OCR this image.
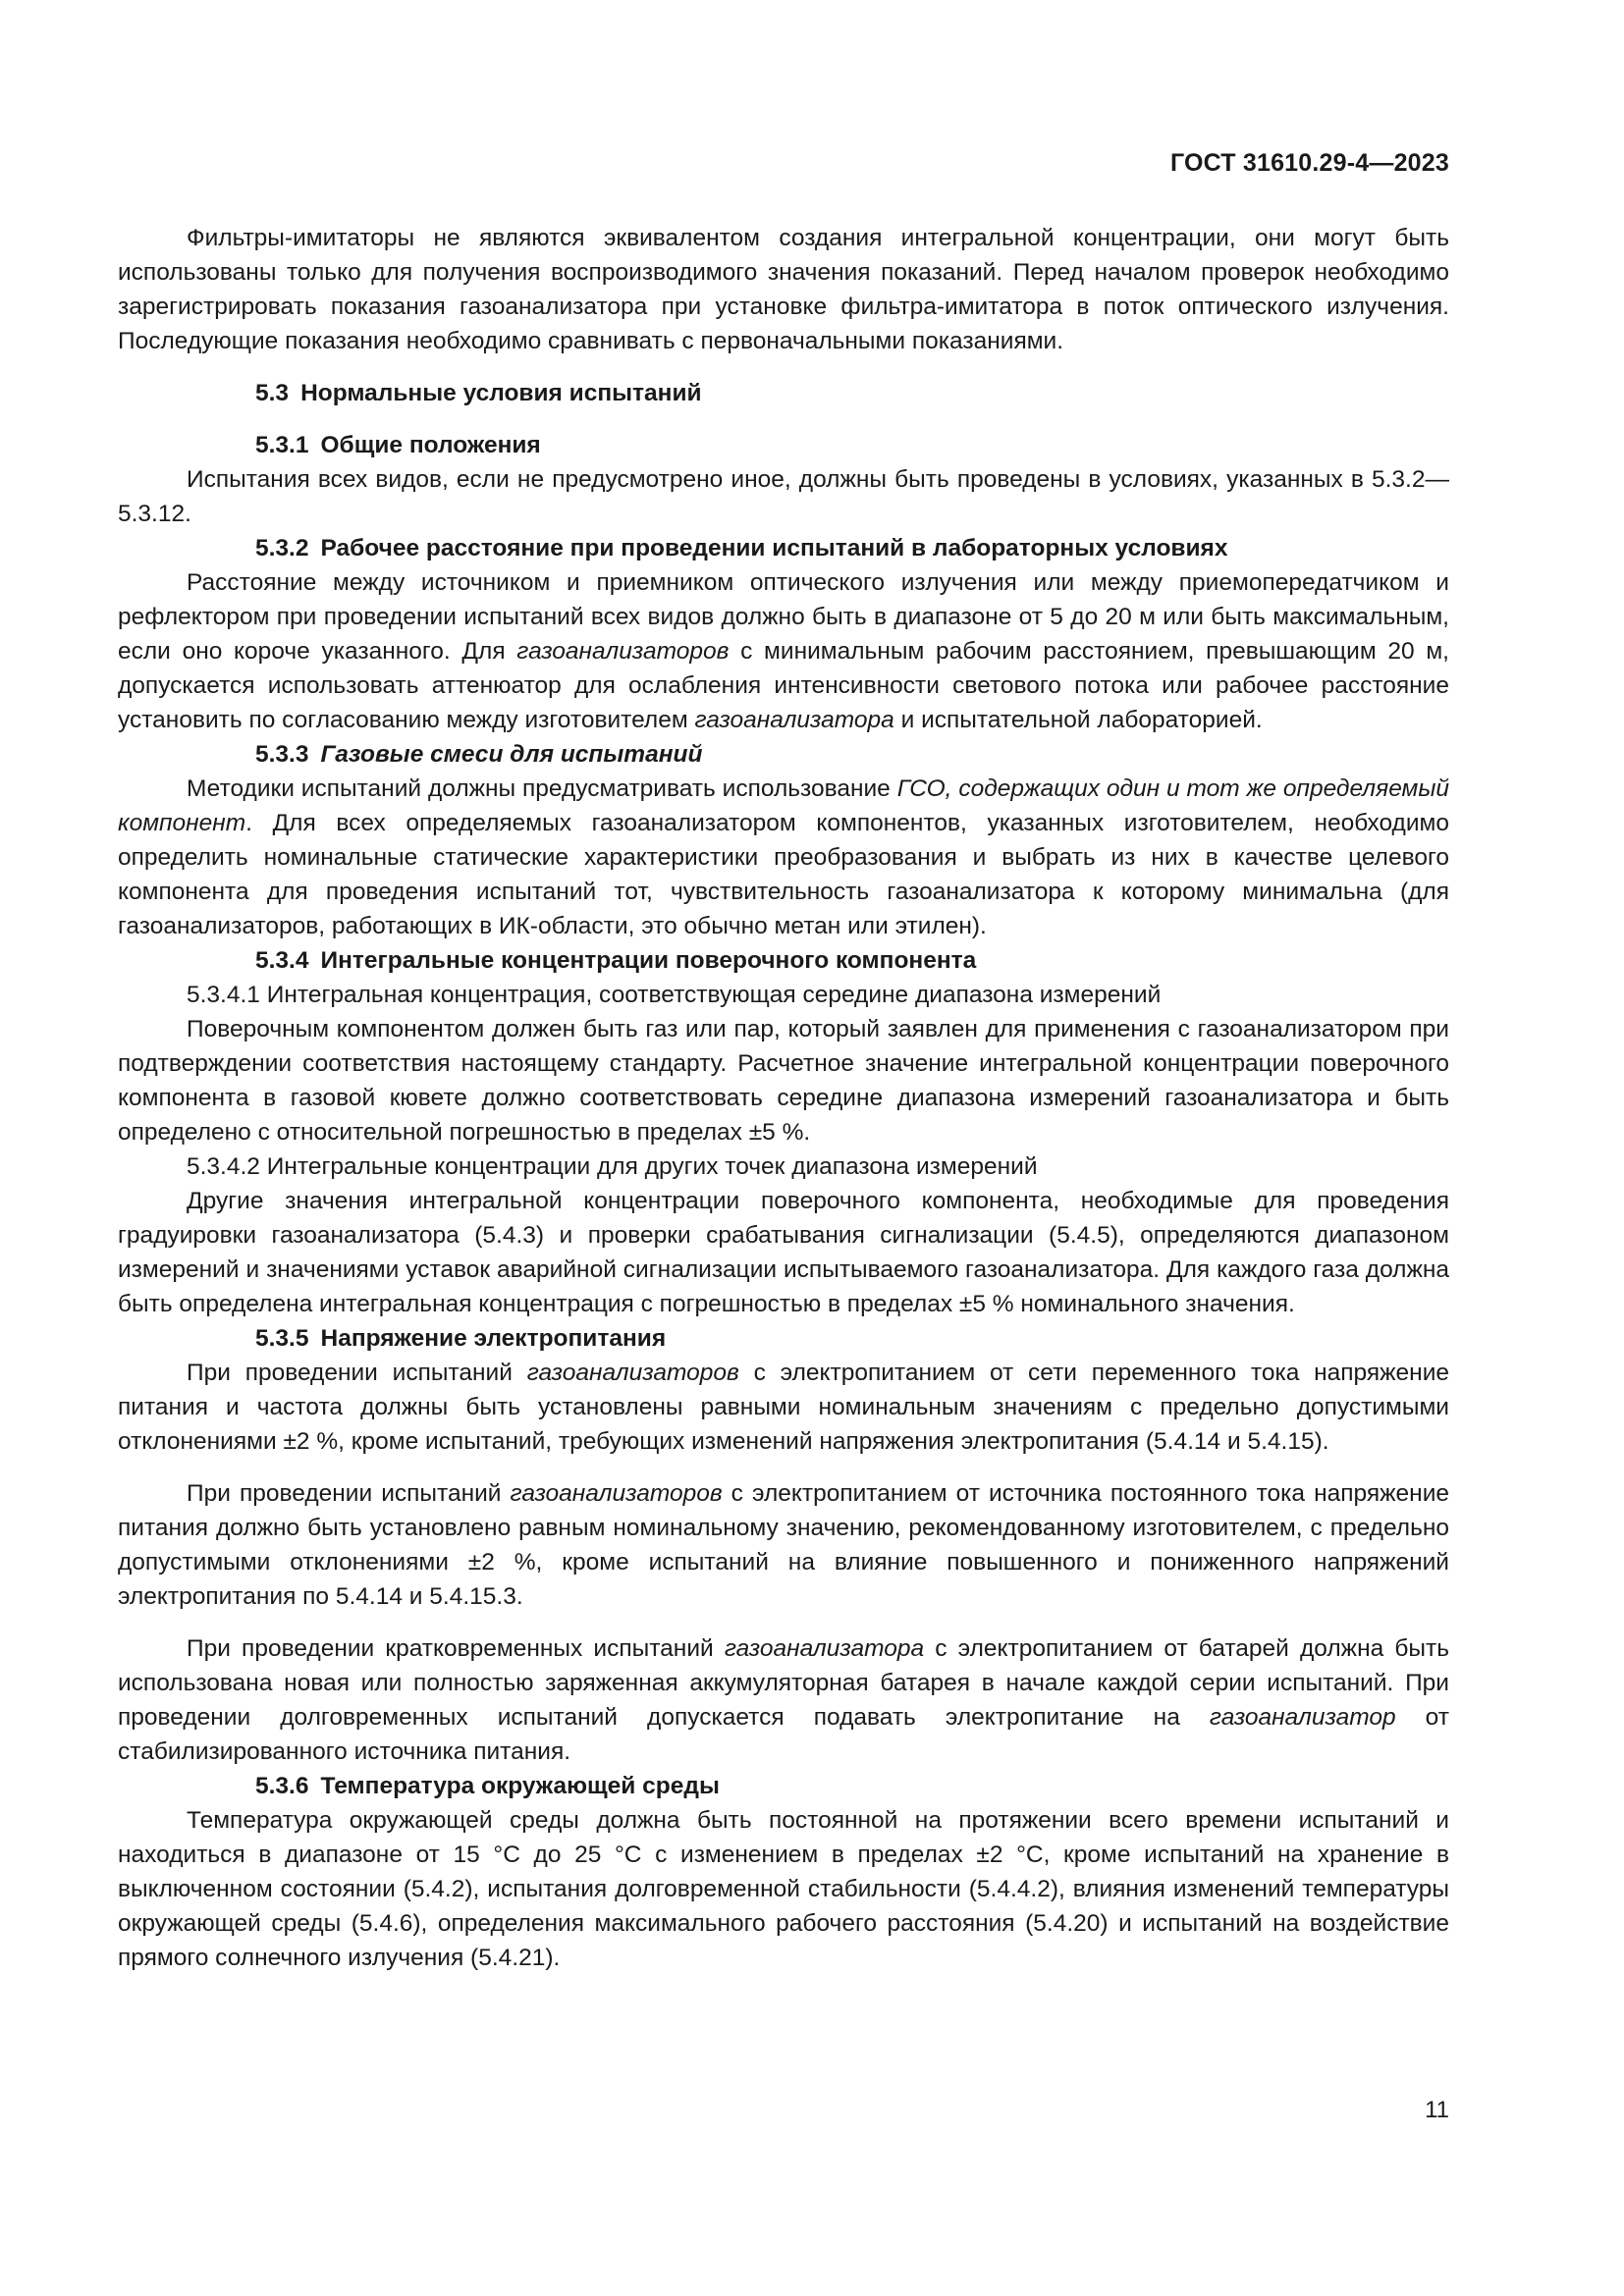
ГОСТ 31610.29-4—2023

Фильтры-имитаторы не являются эквивалентом создания интегральной концентрации, они могут быть использованы только для получения воспроизводимого значения показаний. Перед началом проверок необходимо зарегистрировать показания газоанализатора при установке фильтра-имитатора в поток оптического излучения. Последующие показания необходимо сравнивать с первоначальными показаниями.

5.3 Нормальные условия испытаний

5.3.1 Общие положения

Испытания всех видов, если не предусмотрено иное, должны быть проведены в условиях, указанных в 5.3.2—5.3.12.

5.3.2 Рабочее расстояние при проведении испытаний в лабораторных условиях

Расстояние между источником и приемником оптического излучения или между приемопередатчиком и рефлектором при проведении испытаний всех видов должно быть в диапазоне от 5 до 20 м или быть максимальным, если оно короче указанного. Для газоанализаторов с минимальным рабочим расстоянием, превышающим 20 м, допускается использовать аттенюатор для ослабления интенсивности светового потока или рабочее расстояние установить по согласованию между изготовителем газоанализатора и испытательной лабораторией.

5.3.3 Газовые смеси для испытаний

Методики испытаний должны предусматривать использование ГСО, содержащих один и тот же определяемый компонент. Для всех определяемых газоанализатором компонентов, указанных изготовителем, необходимо определить номинальные статические характеристики преобразования и выбрать из них в качестве целевого компонента для проведения испытаний тот, чувствительность газоанализатора к которому минимальна (для газоанализаторов, работающих в ИК-области, это обычно метан или этилен).

5.3.4 Интегральные концентрации поверочного компонента

5.3.4.1 Интегральная концентрация, соответствующая середине диапазона измерений

Поверочным компонентом должен быть газ или пар, который заявлен для применения с газоанализатором при подтверждении соответствия настоящему стандарту. Расчетное значение интегральной концентрации поверочного компонента в газовой кювете должно соответствовать середине диапазона измерений газоанализатора и быть определено с относительной погрешностью в пределах ±5 %.

5.3.4.2 Интегральные концентрации для других точек диапазона измерений

Другие значения интегральной концентрации поверочного компонента, необходимые для проведения градуировки газоанализатора (5.4.3) и проверки срабатывания сигнализации (5.4.5), определяются диапазоном измерений и значениями уставок аварийной сигнализации испытываемого газоанализатора. Для каждого газа должна быть определена интегральная концентрация с погрешностью в пределах ±5 % номинального значения.

5.3.5 Напряжение электропитания

При проведении испытаний газоанализаторов с электропитанием от сети переменного тока напряжение питания и частота должны быть установлены равными номинальным значениям с предельно допустимыми отклонениями ±2 %, кроме испытаний, требующих изменений напряжения электропитания (5.4.14 и 5.4.15).

При проведении испытаний газоанализаторов с электропитанием от источника постоянного тока напряжение питания должно быть установлено равным номинальному значению, рекомендованному изготовителем, с предельно допустимыми отклонениями ±2 %, кроме испытаний на влияние повышенного и пониженного напряжений электропитания по 5.4.14 и 5.4.15.3.

При проведении кратковременных испытаний газоанализатора с электропитанием от батарей должна быть использована новая или полностью заряженная аккумуляторная батарея в начале каждой серии испытаний. При проведении долговременных испытаний допускается подавать электропитание на газоанализатор от стабилизированного источника питания.

5.3.6 Температура окружающей среды

Температура окружающей среды должна быть постоянной на протяжении всего времени испытаний и находиться в диапазоне от 15 °С до 25 °С с изменением в пределах ±2 °С, кроме испытаний на хранение в выключенном состоянии (5.4.2), испытания долговременной стабильности (5.4.4.2), влияния изменений температуры окружающей среды (5.4.6), определения максимального рабочего расстояния (5.4.20) и испытаний на воздействие прямого солнечного излучения (5.4.21).

11
